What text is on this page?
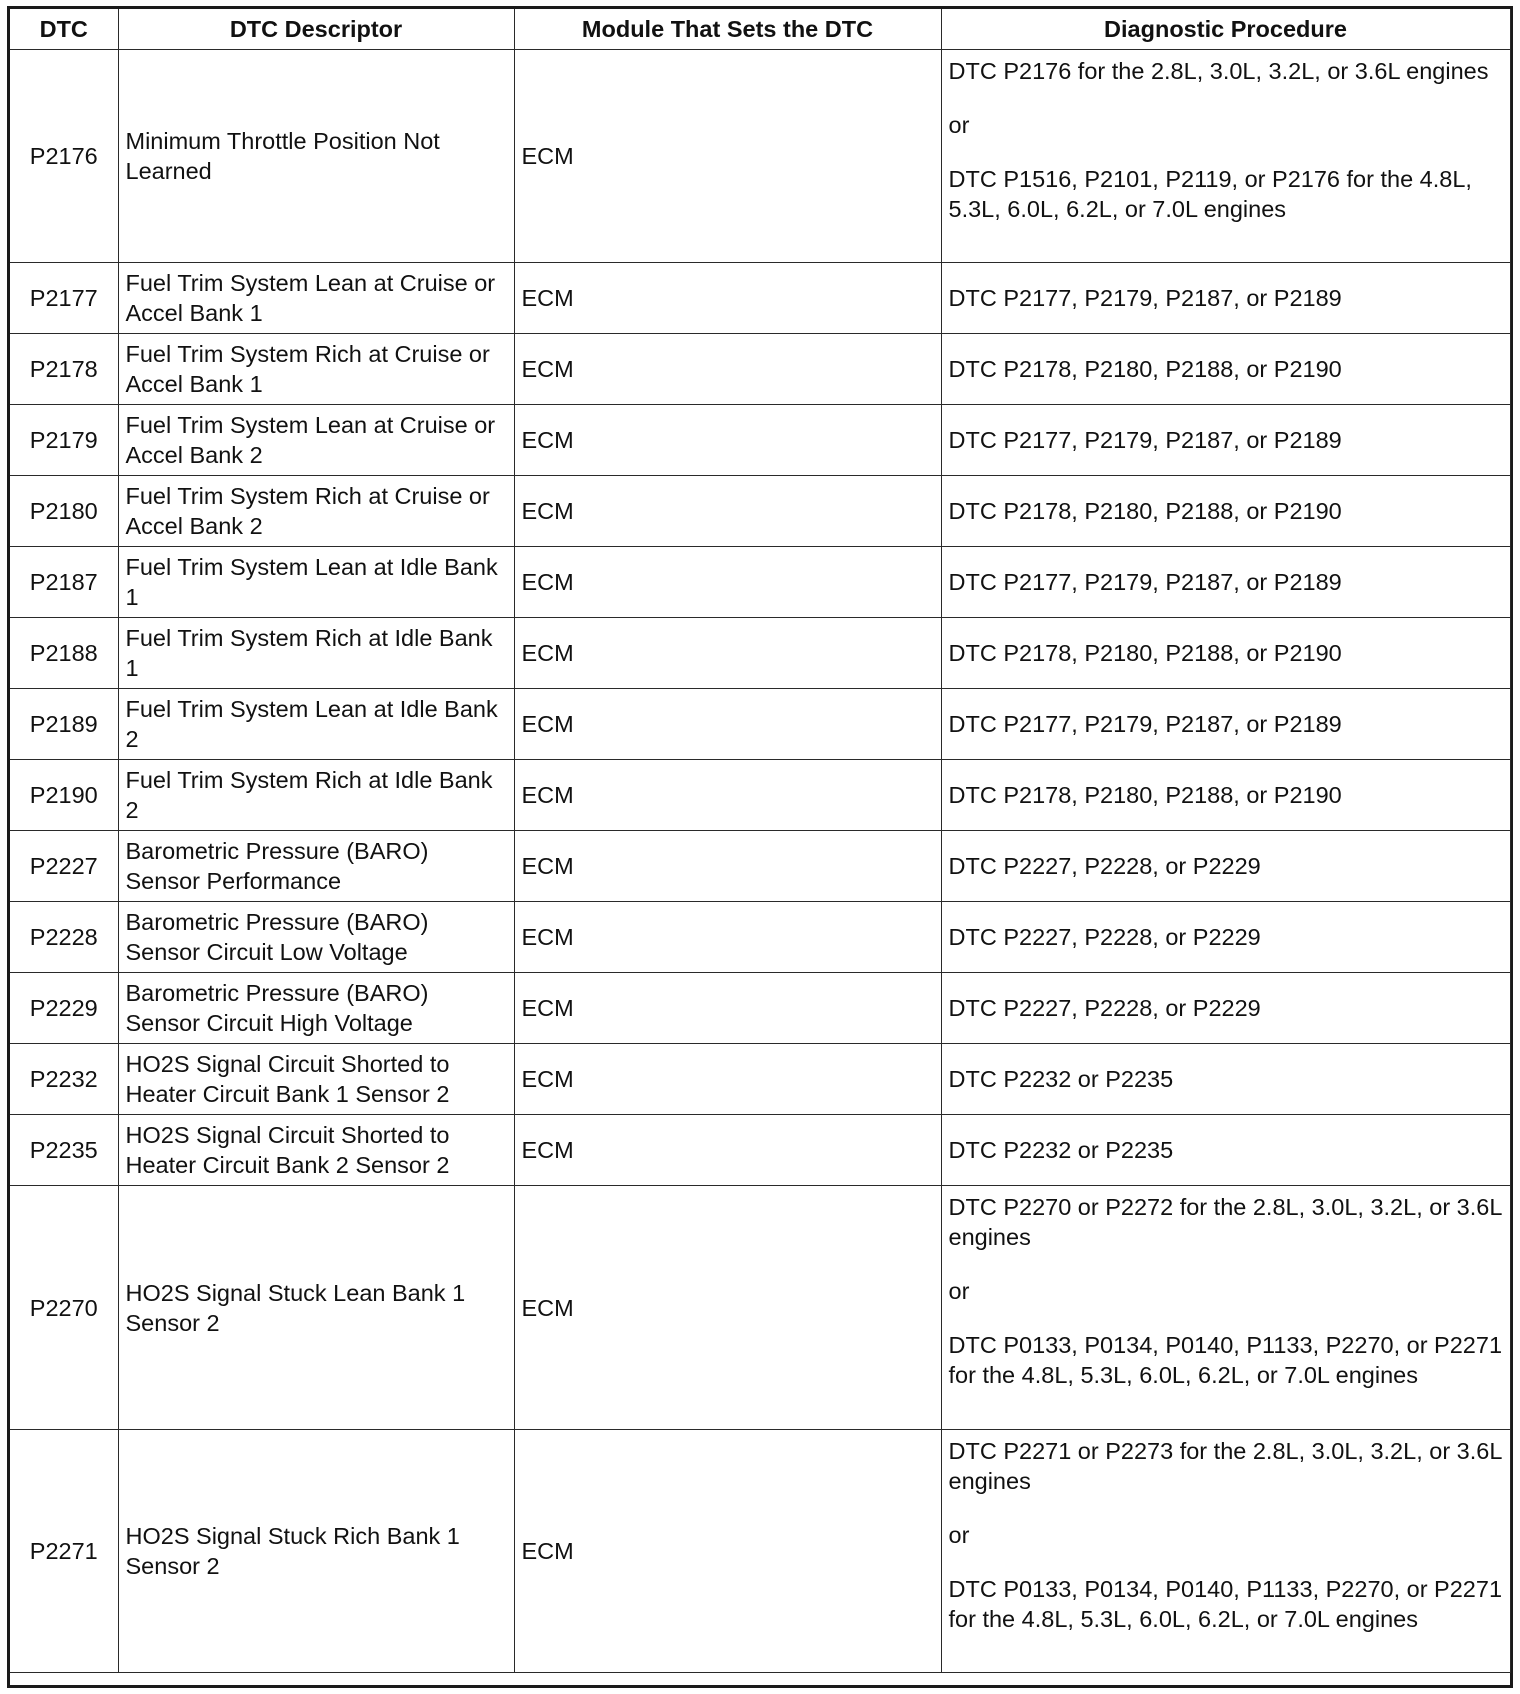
DTC	DTC Descriptor	Module That Sets the DTC	Diagnostic Procedure
P2176	Minimum Throttle Position Not Learned	ECM	DTC P2176 for the 2.8L, 3.0L, 3.2L, or 3.6L engines
or
DTC P1516, P2101, P2119, or P2176 for the 4.8L, 5.3L, 6.0L, 6.2L, or 7.0L engines

P2177	Fuel Trim System Lean at Cruise or Accel Bank 1	ECM	DTC P2177, P2179, P2187, or P2189

P2178	Fuel Trim System Rich at Cruise or Accel Bank 1	ECM	DTC P2178, P2180, P2188, or P2190

P2179	Fuel Trim System Lean at Cruise or Accel Bank 2	ECM	DTC P2177, P2179, P2187, or P2189

P2180	Fuel Trim System Rich at Cruise or Accel Bank 2	ECM	DTC P2178, P2180, P2188, or P2190

P2187	Fuel Trim System Lean at Idle Bank 1	ECM	DTC P2177, P2179, P2187, or P2189

P2188	Fuel Trim System Rich at Idle Bank 1	ECM	DTC P2178, P2180, P2188, or P2190

P2189	Fuel Trim System Lean at Idle Bank 2	ECM	DTC P2177, P2179, P2187, or P2189

P2190	Fuel Trim System Rich at Idle Bank 2	ECM	DTC P2178, P2180, P2188, or P2190

P2227	Barometric Pressure (BARO) Sensor Performance	ECM	DTC P2227, P2228, or P2229

P2228	Barometric Pressure (BARO) Sensor Circuit Low Voltage	ECM	DTC P2227, P2228, or P2229

P2229	Barometric Pressure (BARO) Sensor Circuit High Voltage	ECM	DTC P2227, P2228, or P2229

P2232	HO2S Signal Circuit Shorted to Heater Circuit Bank 1 Sensor 2	ECM	DTC P2232 or P2235

P2235	HO2S Signal Circuit Shorted to Heater Circuit Bank 2 Sensor 2	ECM	DTC P2232 or P2235

P2270	HO2S Signal Stuck Lean Bank 1 Sensor 2	ECM	DTC P2270 or P2272 for the 2.8L, 3.0L, 3.2L, or 3.6L engines
or
DTC P0133, P0134, P0140, P1133, P2270, or P2271 for the 4.8L, 5.3L, 6.0L, 6.2L, or 7.0L engines

P2271	HO2S Signal Stuck Rich Bank 1 Sensor 2	ECM	DTC P2271 or P2273 for the 2.8L, 3.0L, 3.2L, or 3.6L engines
or
DTC P0133, P0134, P0140, P1133, P2270, or P2271 for the 4.8L, 5.3L, 6.0L, 6.2L, or 7.0L engines
